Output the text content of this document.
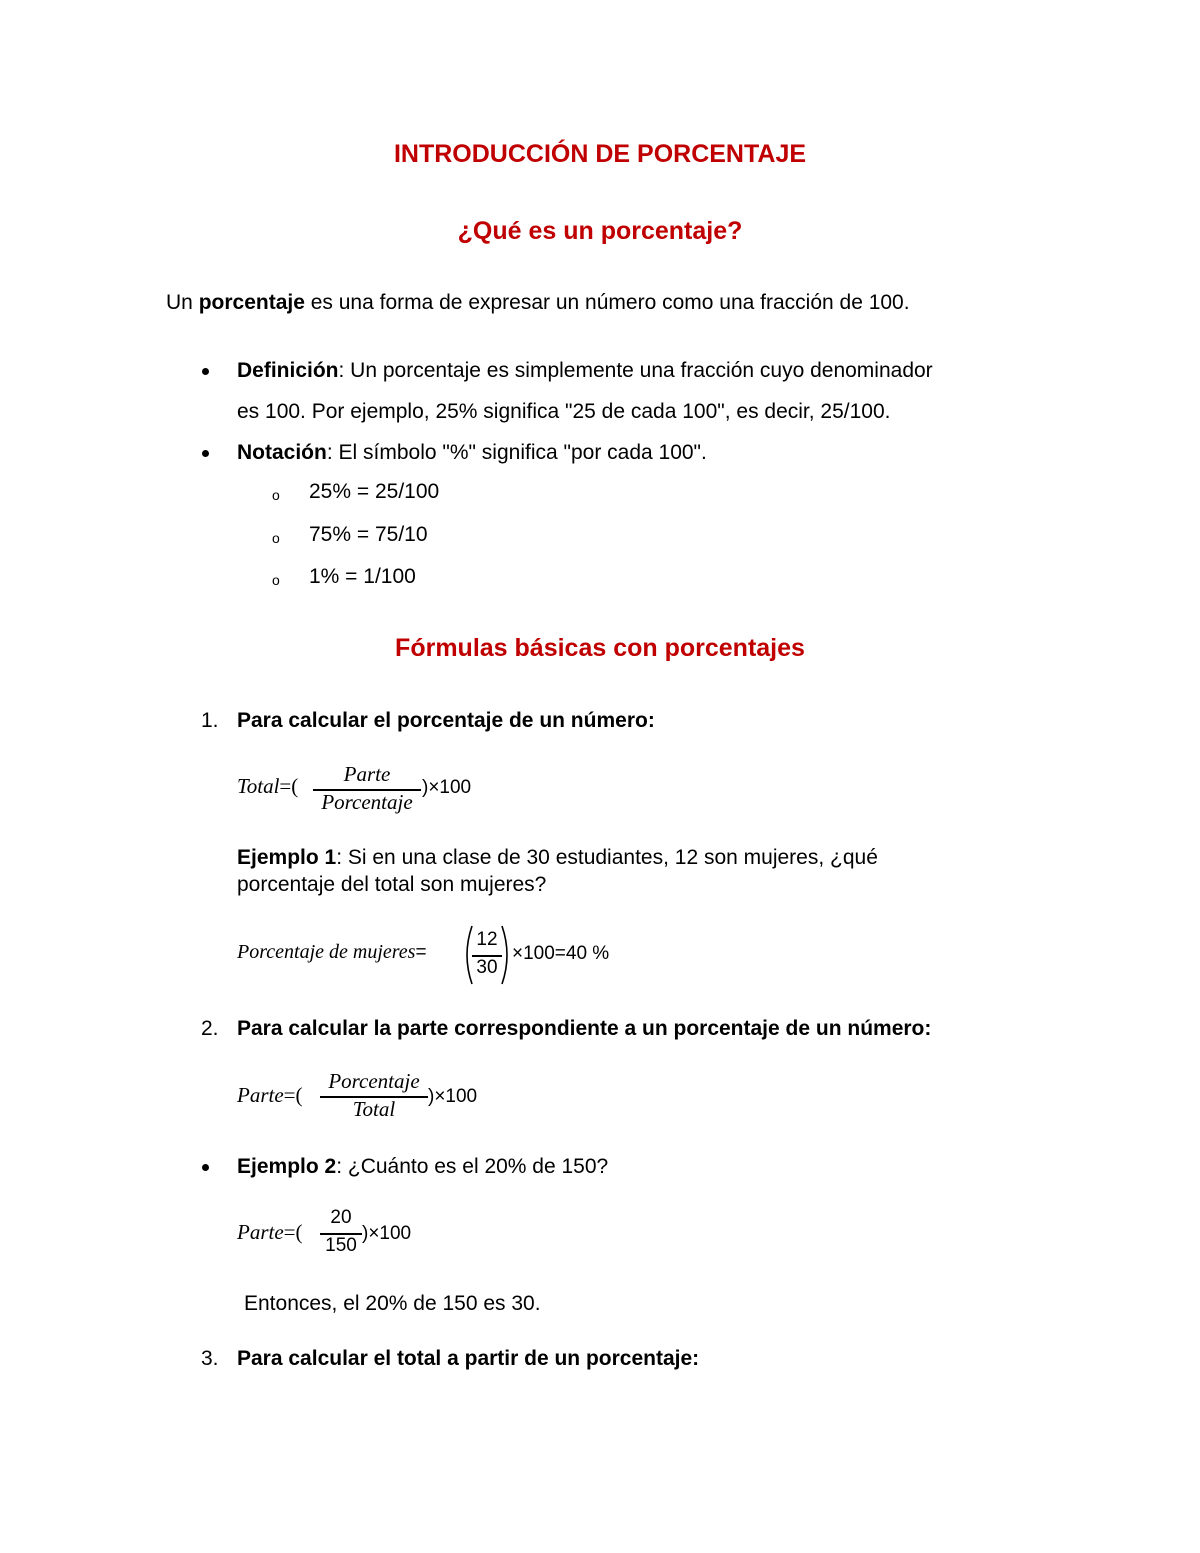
INTRODUCCIÓN DE PORCENTAJE
¿Qué es un porcentaje?
Un porcentaje es una forma de expresar un número como una fracción de 100.
Definición: Un porcentaje es simplemente una fracción cuyo denominador
es 100. Por ejemplo, 25% significa "25 de cada 100", es decir, 25/100.
Notación: El símbolo "%" significa "por cada 100".
o 25% = 25/100
o 75% = 75/10
o 1% = 1/100
Fórmulas básicas con porcentajes
1. Para calcular el porcentaje de un número:
Total=(	Parte
Porcentaje
)×100
Ejemplo 1: Si en una clase de 30 estudiantes, 12 son mujeres, ¿qué
porcentaje del total son mujeres?
Porcentaje de mujeres=
12
30
×100=40 %
2. Para calcular la parte correspondiente a un porcentaje de un número:
Parte=(
Porcentaje
Total
)×100
Ejemplo 2: ¿Cuánto es el 20% de 150?
Parte=(
20
150
)×100
Entonces, el 20% de 150 es 30.
3. Para calcular el total a partir de un porcentaje:
